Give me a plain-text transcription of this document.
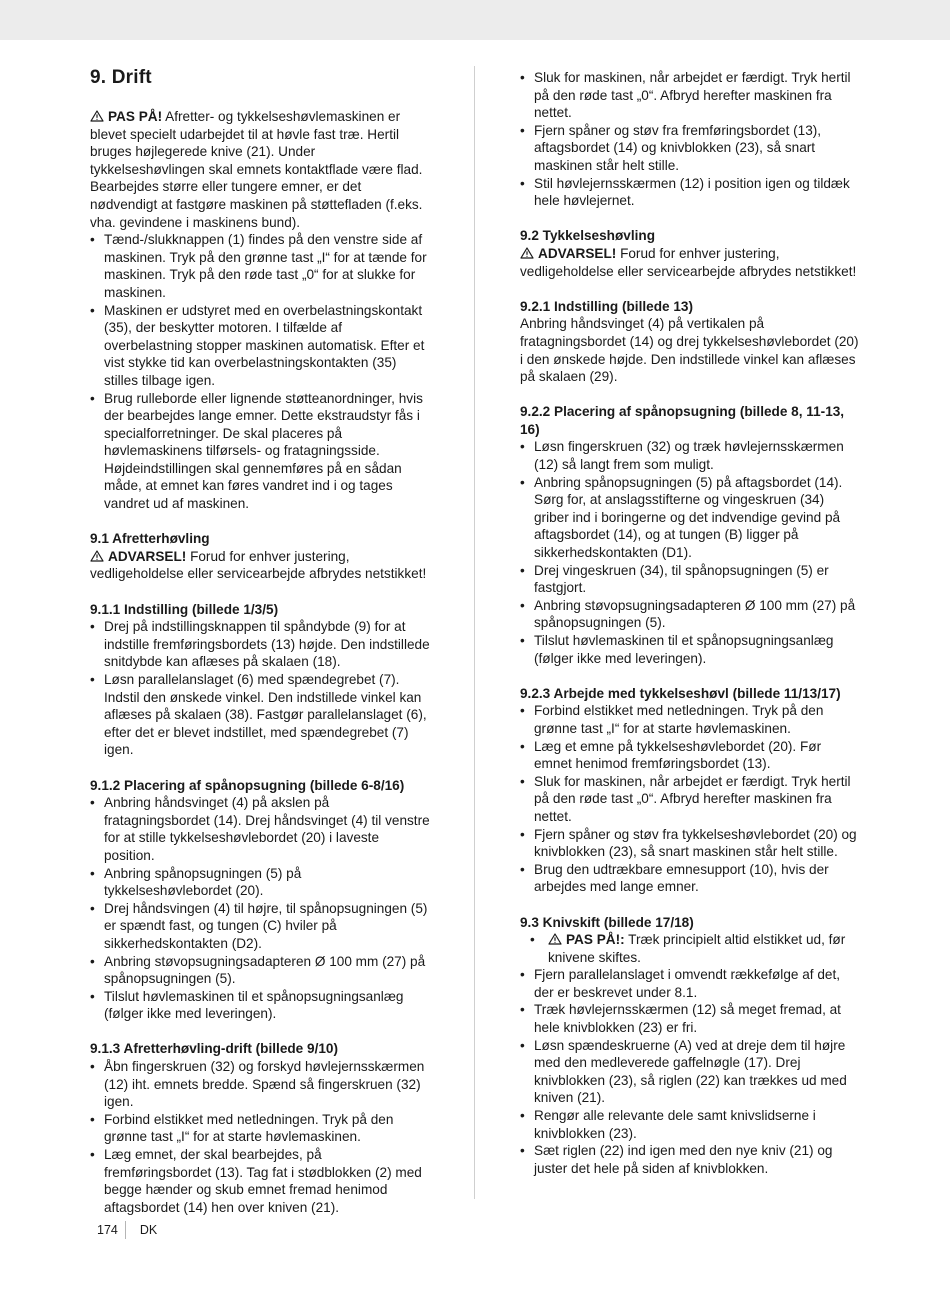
9. Drift

PAS PÅ! Afretter- og tykkelseshøvlemaskinen er blevet specielt udarbejdet til at høvle fast træ. Hertil bruges højlegerede knive (21). Under tykkelseshøvlingen skal emnets kontaktflade være flad. Bearbejdes større eller tungere emner, er det nødvendigt at fastgøre maskinen på støttefladen (f.eks. vha. gevindene i maskinens bund).

• Tænd-/slukknappen (1) findes på den venstre side af maskinen. Tryk på den grønne tast „I“ for at tænde for maskinen. Tryk på den røde tast „0“ for at slukke for maskinen.
• Maskinen er udstyret med en overbelastningskontakt (35), der beskytter motoren. I tilfælde af overbelastning stopper maskinen automatisk. Efter et vist stykke tid kan overbelastningskontakten (35) stilles tilbage igen.
• Brug rulleborde eller lignende støtteanordninger, hvis der bearbejdes lange emner. Dette ekstraudstyr fås i specialforretninger. De skal placeres på høvlemaskinens tilførsels- og fratagningsside. Højdeindstillingen skal gennemføres på en sådan måde, at emnet kan føres vandret ind i og tages vandret ud af maskinen.
9.1 Afretterhøvling

ADVARSEL! Forud for enhver justering, vedligeholdelse eller servicearbejde afbrydes netstikket!

9.1.1 Indstilling (billede 1/3/5)
• Drej på indstillingsknappen til spåndybde (9) for at indstille fremføringsbordets (13) højde. Den indstillede snitdybde kan aflæses på skalaen (18).
• Løsn parallelanslaget (6) med spændegrebet (7). Indstil den ønskede vinkel. Den indstillede vinkel kan aflæses på skalaen (38). Fastgør parallelanslaget (6), efter det er blevet indstillet, med spændegrebet (7) igen.
9.1.2 Placering af spånopsugning (billede 6-8/16)
• Anbring håndsvinget (4) på akslen på fratagningsbordet (14). Drej håndsvinget (4) til venstre for at stille tykkelseshøvlebordet (20) i laveste position.
• Anbring spånopsugningen (5) på tykkelseshøvlebordet (20).
• Drej håndsvingen (4) til højre, til spånopsugningen (5) er spændt fast, og tungen (C) hviler på sikkerhedskontakten (D2).
• Anbring støvopsugningsadapteren Ø 100 mm (27) på spånopsugningen (5).
• Tilslut høvlemaskinen til et spånopsugningsanlæg (følger ikke med leveringen).
9.1.3 Afretterhøvling-drift (billede 9/10)
• Åbn fingerskruen (32) og forskyd høvlejernsskærmen (12) iht. emnets bredde. Spænd så fingerskruen (32) igen.
• Forbind elstikket med netledningen. Tryk på den grønne tast „I“ for at starte høvlemaskinen.
• Læg emnet, der skal bearbejdes, på fremføringsbordet (13). Tag fat i stødblokken (2) med begge hænder og skub emnet fremad henimod aftagsbordet (14) hen over kniven (21).
• Sluk for maskinen, når arbejdet er færdigt. Tryk hertil på den røde tast „0“. Afbryd herefter maskinen fra nettet.
• Fjern spåner og støv fra fremføringsbordet (13), aftagsbordet (14) og knivblokken (23), så snart maskinen står helt stille.
• Stil høvlejernsskærmen (12) i position igen og tildæk hele høvlejernet.
9.2 Tykkelseshøvling

ADVARSEL! Forud for enhver justering, vedligeholdelse eller servicearbejde afbrydes netstikket!

9.2.1 Indstilling (billede 13)

Anbring håndsvinget (4) på vertikalen på fratagningsbordet (14) og drej tykkelseshøvlebordet (20) i den ønskede højde. Den indstillede vinkel kan aflæses på skalaen (29).

9.2.2 Placering af spånopsugning (billede 8, 11-13, 16)
• Løsn fingerskruen (32) og træk høvlejernsskærmen (12) så langt frem som muligt.
• Anbring spånopsugningen (5) på aftagsbordet (14). Sørg for, at anslagsstifterne og vingeskruen (34) griber ind i boringerne og det indvendige gevind på aftagsbordet (14), og at tungen (B) ligger på sikkerhedskontakten (D1).
• Drej vingeskruen (34), til spånopsugningen (5) er fastgjort.
• Anbring støvopsugningsadapteren Ø 100 mm (27) på spånopsugningen (5).
• Tilslut høvlemaskinen til et spånopsugningsanlæg (følger ikke med leveringen).
9.2.3 Arbejde med tykkelseshøvl (billede 11/13/17)
• Forbind elstikket med netledningen. Tryk på den grønne tast „I“ for at starte høvlemaskinen.
• Læg et emne på tykkelseshøvlebordet (20). Før emnet henimod fremføringsbordet (13).
• Sluk for maskinen, når arbejdet er færdigt. Tryk hertil på den røde tast „0“. Afbryd herefter maskinen fra nettet.
• Fjern spåner og støv fra tykkelseshøvlebordet (20) og knivblokken (23), så snart maskinen står helt stille.
• Brug den udtrækbare emnesupport (10), hvis der arbejdes med lange emner.
9.3 Knivskift (billede 17/18)
• PAS PÅ!: Træk principielt altid elstikket ud, før knivene skiftes.
• Fjern parallelanslaget i omvendt rækkefølge af det, der er beskrevet under 8.1.
• Træk høvlejernsskærmen (12) så meget fremad, at hele knivblokken (23) er fri.
• Løsn spændeskruerne (A) ved at dreje dem til højre med den medleverede gaffelnøgle (17). Drej knivblokken (23), så riglen (22) kan trækkes ud med kniven (21).
• Rengør alle relevante dele samt knivslidserne i knivblokken (23).
• Sæt riglen (22) ind igen med den nye kniv (21) og juster det hele på siden af knivblokken.
174 DK
